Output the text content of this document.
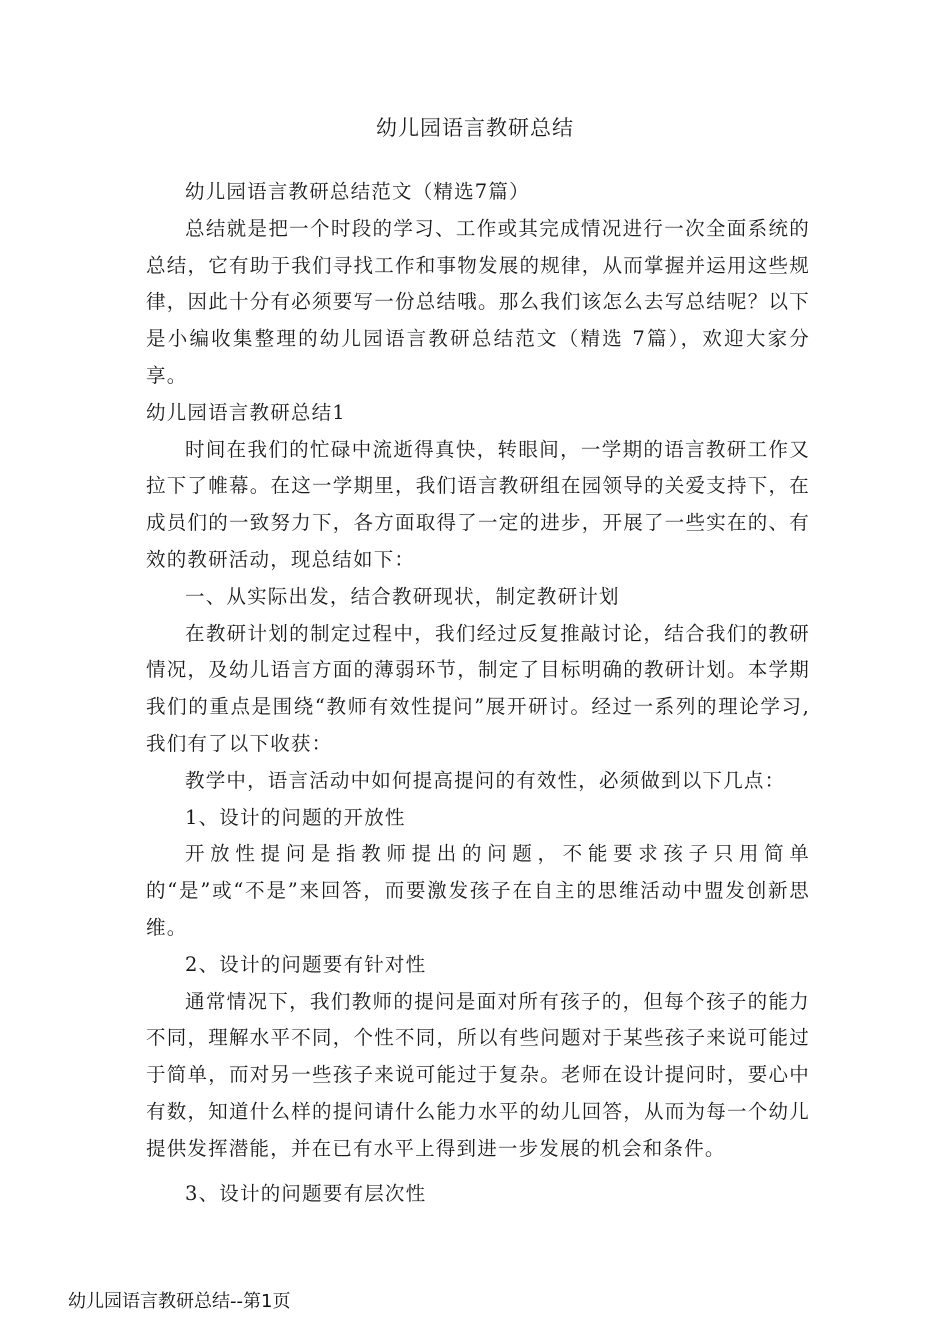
幼儿园语言教研总结

幼儿园语言教研总结范文（精选7篇）

总结就是把一个时段的学习、工作或其完成情况进行一次全面系统的总结，它有助于我们寻找工作和事物发展的规律，从而掌握并运用这些规律，因此十分有必须要写一份总结哦。那么我们该怎么去写总结呢？以下是小编收集整理的幼儿园语言教研总结范文（精选 7篇），欢迎大家分享。

幼儿园语言教研总结1

时间在我们的忙碌中流逝得真快，转眼间，一学期的语言教研工作又拉下了帷幕。在这一学期里，我们语言教研组在园领导的关爱支持下，在成员们的一致努力下，各方面取得了一定的进步，开展了一些实在的、有效的教研活动，现总结如下：

一、从实际出发，结合教研现状，制定教研计划

在教研计划的制定过程中，我们经过反复推敲讨论，结合我们的教研情况，及幼儿语言方面的薄弱环节，制定了目标明确的教研计划。本学期我们的重点是围绕“教师有效性提问”展开研讨。经过一系列的理论学习,我们有了以下收获：

教学中，语言活动中如何提高提问的有效性，必须做到以下几点：

1、设计的问题的开放性

开放性提问是指教师提出的问题，不能要求孩子只用简单的“是”或“不是”来回答，而要激发孩子在自主的思维活动中盟发创新思维。

2、设计的问题要有针对性

通常情况下，我们教师的提问是面对所有孩子的，但每个孩子的能力不同，理解水平不同，个性不同，所以有些问题对于某些孩子来说可能过于简单，而对另一些孩子来说可能过于复杂。老师在设计提问时，要心中有数，知道什么样的提问请什么能力水平的幼儿回答，从而为每一个幼儿提供发挥潜能，并在已有水平上得到进一步发展的机会和条件。

3、设计的问题要有层次性

幼儿园语言教研总结--第1页
